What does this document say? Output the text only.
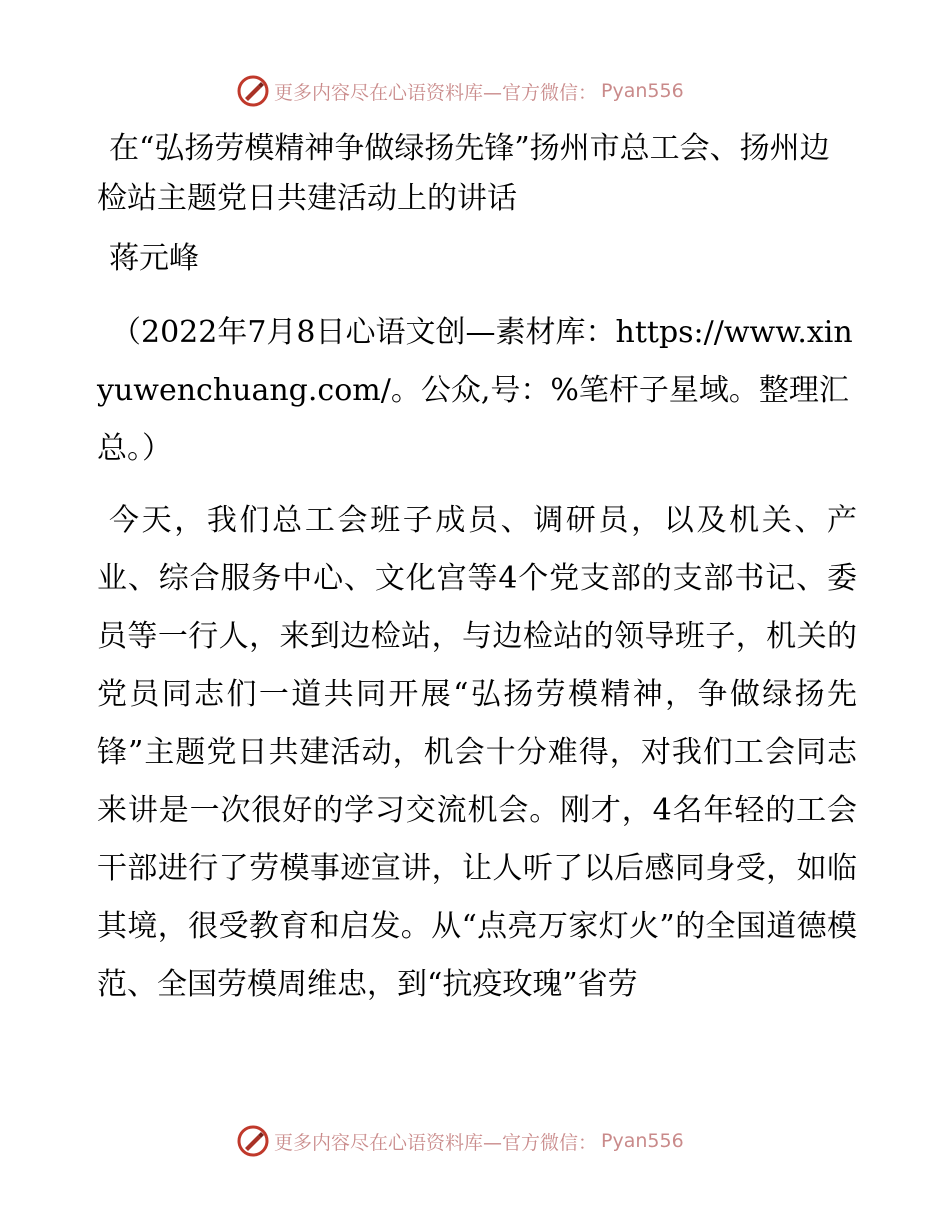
更多内容尽在心语资料库—官方微信： Pyan556
在“弘扬劳模精神争做绿扬先锋”扬州市总工会、扬州边检站主题党日共建活动上的讲话

蒋元峰

（2022年7月8日心语文创—素材库：https://www.xinyuwenchuang.com/。公众,号：%笔杆子星域。整理汇总。）

今天，我们总工会班子成员、调研员，以及机关、产业、综合服务中心、文化宫等4个党支部的支部书记、委员等一行人，来到边检站，与边检站的领导班子，机关的党员同志们一道共同开展“弘扬劳模精神，争做绿扬先锋”主题党日共建活动，机会十分难得，对我们工会同志来讲是一次很好的学习交流机会。刚才，4名年轻的工会干部进行了劳模事迹宣讲，让人听了以后感同身受，如临其境，很受教育和启发。从“点亮万家灯火”的全国道德模范、全国劳模周维忠，到“抗疫玫瑰”省劳

更多内容尽在心语资料库—官方微信： Pyan556
